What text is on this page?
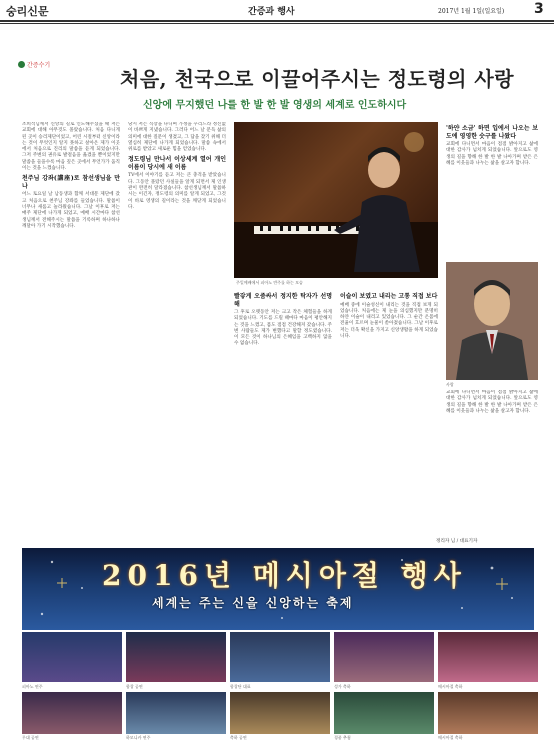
숭리신문	간증과 행사	2017년 1월 1일(일요일) 3
간증수기
처음, 천국으로 이끌어주시는 정도령의 사랑
신앙에 무지했던 나를 한 발 한 발 영생의 세계로 인도하시다
조희석님께서 신앙의 길로 인도해주셨을 때 저는 교회에 대해 아무것도 몰랐습니다. 처음 다니게 된 곳이 승리제단이었고, 어린 시절부터 신앙이라는 것이 무엇인지 알지 못하고 살아온 제가 이곳에서 처음으로 진리의 말씀을 듣게 되었습니다. 그저 주변의 권유로 발걸음을 옮겼을 뿐이었지만 말씀을 들을수록 마음 깊은 곳에서 무언가가 움직이는 것을 느꼈습니다.
천주님 강좌(講座)로 참선생님을 만나
어느 토요일 날 남동생과 함께 서대문 제단에 갔고 처음으로 천주님 강좌를 들었습니다. 말씀이 너무나 새롭고 놀라웠습니다. 그날 이후로 저는 매주 제단에 나가게 되었고, 예배 시간마다 참선생님께서 전해주시는 말씀을 기록하며 하나하나 깨달아 가기 시작했습니다.
당시 저는 직장을 다니며 가정을 꾸리느라 정신없이 바쁘게 지냈습니다. 그러다 어느 날 문득 삶의 의미에 대한 질문이 생겼고, 그 답을 찾기 위해 더 열심히 제단에 나가게 되었습니다. 말씀 속에서 위로를 받았고 새로운 힘을 얻었습니다.
정도령님 만나서 이상세계 열어 개인 이름이 당시에 새 이름
TV에서 이야기를 듣고 저는 큰 충격을 받았습니다. 그동안 몰랐던 사실들을 알게 되면서 제 인생관이 완전히 달라졌습니다. 참선생님께서 말씀하시는 이긴자, 정도령의 의미를 알게 되었고, 그것이 바로 영생의 길이라는 것을 깨닫게 되었습니다.
주일예배에서 피아노 반주를 하는 모습
빨갛게 오줌싸서 정지한 탁자가 선명해
그 후로 오랫동안 저는 크고 작은 체험들을 하게 되었습니다. 기도를 드릴 때마다 마음이 평안해지는 것을 느꼈고, 몸도 점점 건강해져 갔습니다. 주변 사람들도 제가 변했다고 말할 정도였습니다. 이 모든 것이 하나님의 은혜임을 고백하지 않을 수 없습니다.
이슬이 보였고 내리는 고통 직접 보다
예배 중에 이슬성신이 내리는 것을 직접 보게 되었습니다. 처음에는 제 눈을 의심했지만 분명히 하얀 이슬이 내리고 있었습니다. 그 순간 온몸에 전율이 흐르며 눈물이 쏟아졌습니다. 그날 이후로 저는 더욱 확신을 가지고 신앙생활을 하게 되었습니다.
'하얀 소금' 하면 입에서 나오는 보도에 영영한 숫구를 나왔다
교회에 다니면서 마음이 점점 밝아지고 삶에 대한 감사가 넘치게 되었습니다. 앞으로도 영생의 길을 향해 한 발 한 발 나아가며 받은 은혜를 이웃들과 나누는 삶을 살고자 합니다.
사랑
교회에 다니면서 마음이 점점 밝아지고 삶에 대한 감사가 넘치게 되었습니다. 앞으로도 영생의 길을 향해 한 발 한 발 나아가며 받은 은혜를 이웃들과 나누는 삶을 살고자 합니다.
정리자 님 / 대표기자
2016년 메시아절 행사
세계는 주는 신을 신앙하는 축제
피아노 연주	합창 공연	합창단 대표	성가 축하	메시아절 축하
무대 공연	하모니카 연주	축하 공연	경품 추첨	메시아절 축하
